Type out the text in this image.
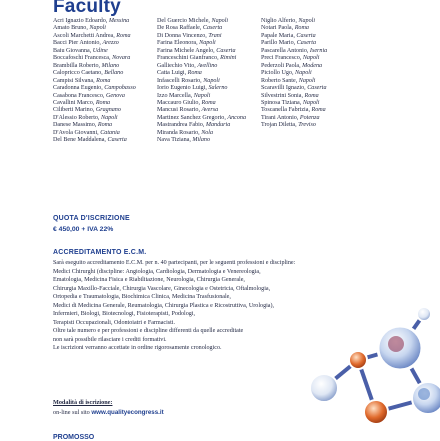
Faculty
Acri Ignazio Edoardo, Messina
Amato Bruno, Napoli
Ascoli Marchetti Andrea, Roma
Bacci Pier Antonio, Arezzo
Baiu Giovanna, Udine
Boccafoschi Francesca, Novara
Brambilla Roberto, Milano
Calopricco Caetano, Bellano
Campisi Silvana, Roma
Caradonna Eugenio, Campobasso
Casabona Francesco, Genova
Cavallini Marco, Roma
Ciliberti Marino, Gragnano
D'Alessio Roberto, Napoli
Danese Massimo, Roma
D'Avola Giovanni, Catania
Del Bene Maddalena, Caserta
Del Guercio Michele, Napoli
De Rosa Raffaele, Caserta
Di Donna Vincenzo, Trani
Farina Eleonora, Napoli
Farina Michele Angelo, Caserta
Franceschini Gianfranco, Rimini
Galliechio Vito, Avellino
Catta Luigi, Roma
Infascelli Rosario, Napoli
Iorio Eugenio Luigi, Salerno
Izzo Marcella, Napoli
Maccauro Giulio, Roma
Mancusi Rosario, Aversa
Martinez Sanchez Gregorio, Ancona
Mastrandrea Fabio, Manduria
Miranda Rosario, Nola
Nava Tiziana, Milano
Niglio Alferio, Napoli
Notari Paola, Roma
Papale Maria, Caserta
Parillo Mario, Caserta
Pascarella Antonio, Isernia
Preci Francesco, Napoli
Pederzoli Paola, Modena
Piciollo Ugo, Napoli
Roberto Sante, Napoli
Scaravilli Ignazio, Caserta
Silvestrini Sonia, Roma
Spinosa Tiziana, Napoli
Toscanella Fabrizia, Roma
Tirani Antonio, Potenza
Trojan Diletta, Treviso
QUOTA D'ISCRIZIONE
€ 450,00 + IVA 22%
ACCREDITAMENTO E.C.M.
Sarà eseguito accreditamento E.C.M. per n. 40 partecipanti, per le seguenti professioni e discipline:
Medici Chirurghi (discipline: Angiologia, Cardiologia, Dermatologia e Venereologia,
Ematologia, Medicina Fisica e Riabilitazione, Neurologia, Chirurgia Generale,
Chirurgia Maxillo-Facciale, Chirurgia Vascolare, Ginecologia e Ostetricia, Oftalmologia,
Ortopedia e Traumatologia, Biochimica Clinica, Medicina Trasfusionale,
Medici di Medicina Generale, Reumatologia, Chirurgia Plastica e Ricostruttiva, Urologia),
Infermieri, Biologi, Biotecnologi, Fisioterapisti, Podologi,
Terapisti Occupazionali, Odontoiatri e Farmacisti.
Oltre tale numero e per professioni e discipline differenti da quelle accreditate
non sarà possibile rilasciare i crediti formativi.
Le iscrizioni verranno accettate in ordine rigorosamente cronologico.
Modalità di iscrizione:
on-line sul sito www.qualityecongress.it
PROMOSSO
